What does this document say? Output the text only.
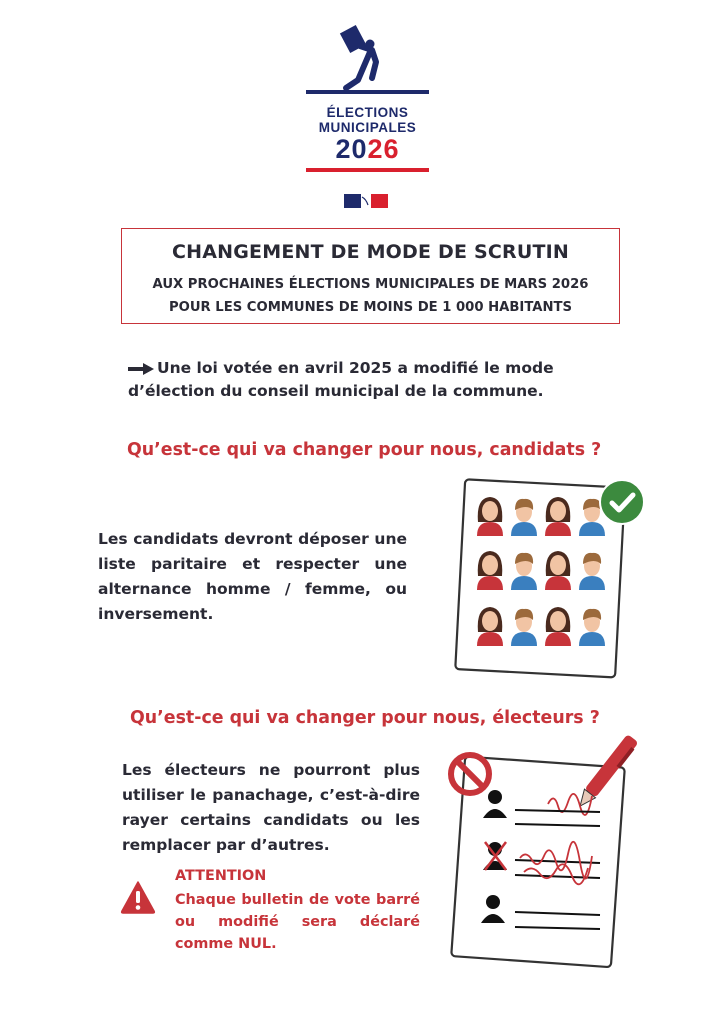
ÉLECTIONS
MUNICIPALES
2026
CHANGEMENT DE MODE DE SCRUTIN
AUX PROCHAINES ÉLECTIONS MUNICIPALES DE MARS 2026
POUR LES COMMUNES DE MOINS DE 1 000 HABITANTS
Une loi votée en avril 2025 a modifié le mode d’élection du conseil municipal de la commune.
Qu’est-ce qui va changer pour nous, candidats ?
Les candidats devront déposer une liste paritaire et respecter une alternance homme / femme, ou inversement.
Qu’est-ce qui va changer pour nous, électeurs ?
Les électeurs ne pourront plus utiliser le panachage, c’est-à-dire rayer certains candidats ou les remplacer par d’autres.
ATTENTION
Chaque bulletin de vote barré ou modifié sera déclaré comme NUL.
